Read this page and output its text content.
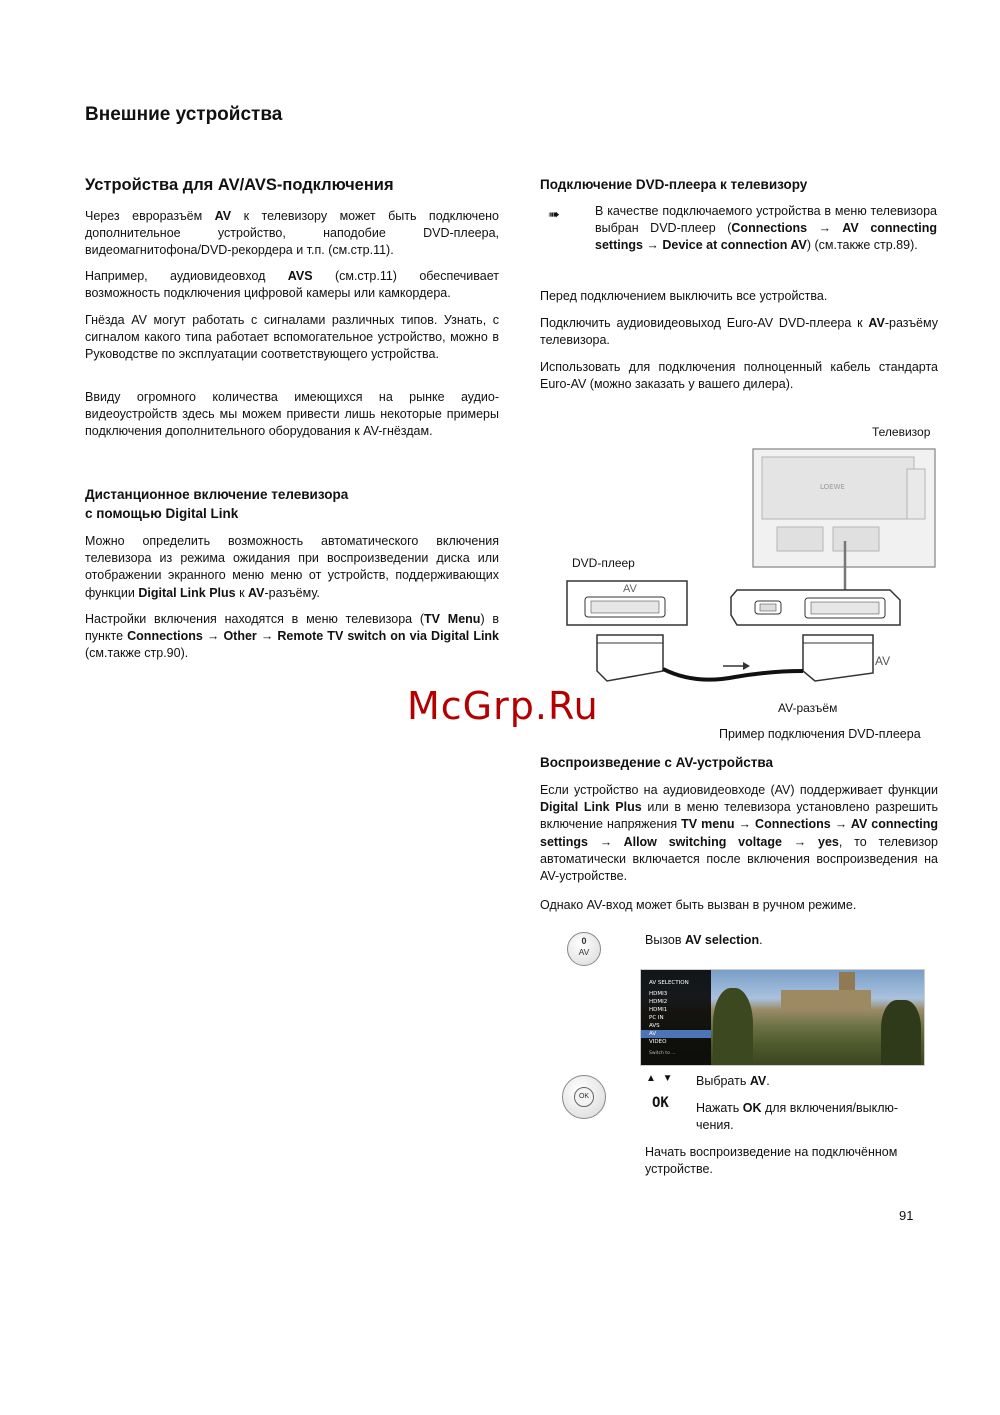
Внешние устройства
Устройства для AV/AVS-подключения
Через евроразъём AV к телевизору может быть подключено дополнительное устройство, наподобие DVD-плеера, видеомагнитофона/DVD-рекордера и т.п. (см.стр.11).
Например, аудиовидеовход AVS (см.стр.11) обеспечивает возможность подключения цифровой камеры или камкордера.
Гнёзда AV могут работать с сигналами различных типов. Узнать, с сигналом какого типа работает вспомогательное устройство, можно в Руководстве по эксплуатации соответствующего устройства.
Ввиду огромного количества имеющихся на рынке аудио-видеоустройств здесь мы можем привести лишь некоторые примеры подключения дополнительного оборудования к AV-гнёздам.
Дистанционное включение телевизора
с помощью Digital Link
Можно определить возможность автоматического включения телевизора из режима ожидания при воспроизведении диска или отображении экранного меню меню от устройств, поддерживающих функции Digital Link Plus к AV-разъёму.
Настройки включения находятся в меню телевизора (TV Menu) в пункте Connections → Other → Remote TV switch on via Digital Link (см.также стр.90).
Подключение DVD-плеера к телевизору
➠	В качестве подключаемого устройства в меню телевизора выбран DVD-плеер (Connections → AV connecting settings → Device at connection AV) (см.также стр.89).
Перед подключением выключить все устройства.
Подключить аудиовидеовыход Euro-AV DVD-плеера к AV-разъёму телевизора.
Использовать для подключения полноценный кабель стандарта Euro-AV (можно заказать у вашего дилера).
Телевизор
DVD-плеер
LOEWE
AV
AV
AV-разъём
Пример подключения DVD-плеера
McGrp.Ru
Воспроизведение с AV-устройства
Если устройство на аудиовидеовходе (AV) поддерживает функции Digital Link Plus или в меню телевизора установлено разрешить включение напряжения TV menu → Connections → AV connecting settings → Allow switching voltage → yes, то телевизор автоматически включается после включения воспроизведения на AV-устройстве.
Однако AV-вход может быть вызван в ручном режиме.
0
AV
Вызов AV selection.
AV SELECTION
HDMI3
HDMI2
HDMI1
PC IN
AVS
AV
VIDEO
Switch to ...
OK
▲ ▼
OK
Выбрать AV.
Нажать OK для включения/выклю-чения.
Начать воспроизведение на подключённом устройстве.
91
